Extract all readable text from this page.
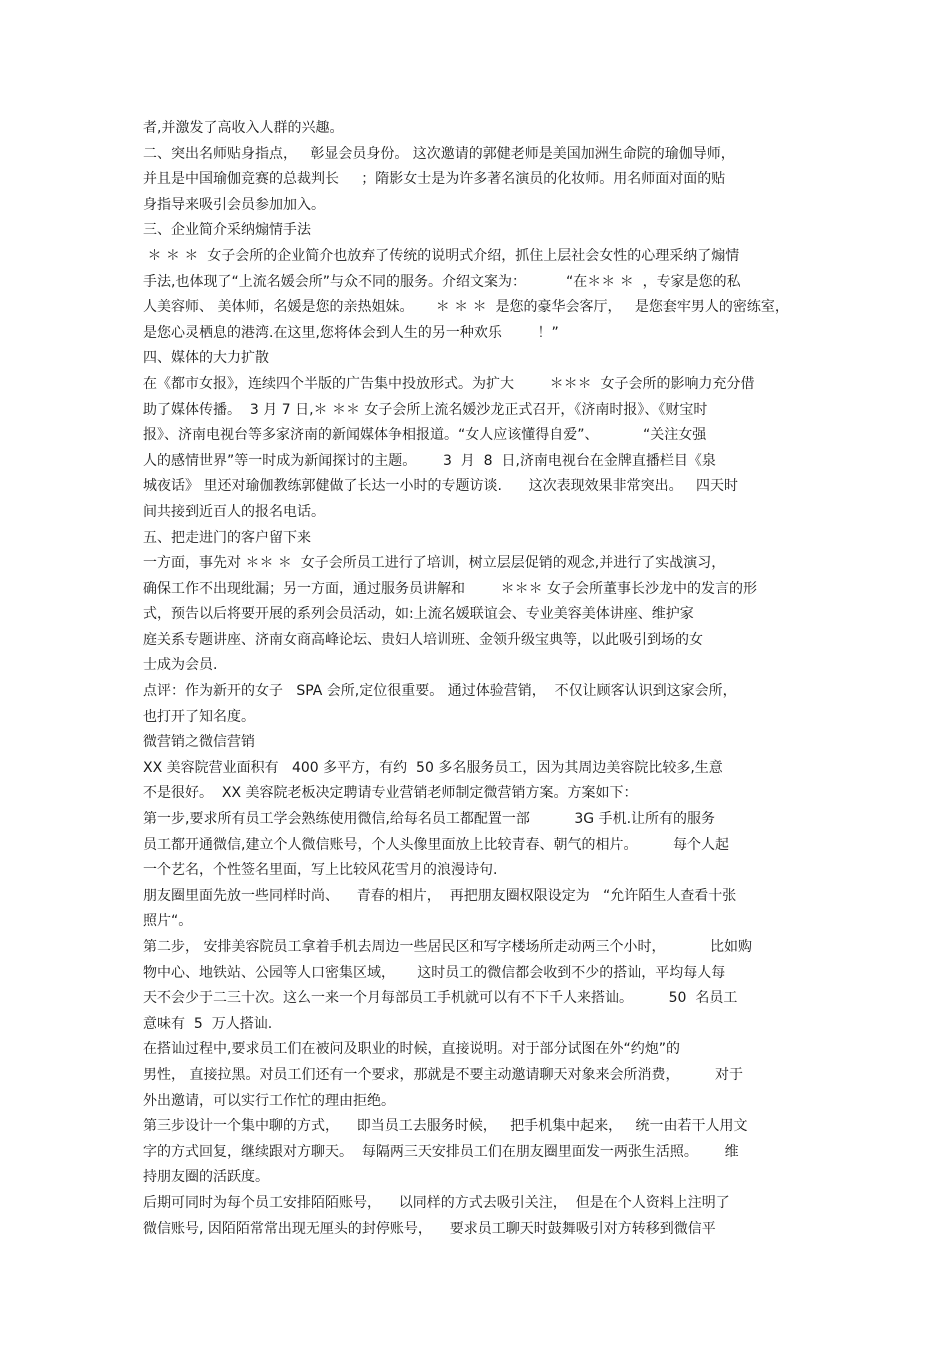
者,并激发了高收入人群的兴趣。
二、突出名师贴身指点，   彰显会员身份。 这次邀请的郭健老师是美国加洲生命院的瑜伽导师，
并且是中国瑜伽竞赛的总裁判长     ；隋影女士是为许多著名演员的化妆师。用名师面对面的贴
身指导来吸引会员参加加入。
三、企业简介采纳煽情手法
＊ ＊ ＊  女子会所的企业简介也放弃了传统的说明式介绍，抓住上层社会女性的心理采纳了煽情
手法,也体现了“上流名媛会所”与众不同的服务。介绍文案为：         “在＊＊ ＊  ，专家是您的私
人美容师、 美体师，名媛是您的亲热姐妹。     ＊ ＊ ＊  是您的豪华会客厅，   是您套牢男人的密练室，
是您心灵栖息的港湾.在这里,您将体会到人生的另一种欢乐        ！”
四、媒体的大力扩散
在《都市女报》，连续四个半版的广告集中投放形式。为扩大        ＊＊＊  女子会所的影响力充分借
助了媒体传播。  3 月 7 日,＊ ＊＊ 女子会所上流名媛沙龙正式召开，《济南时报》、《财宝时
报》、济南电视台等多家济南的新闻媒体争相报道。“女人应该懂得自爱”、          “关注女强
人的感情世界”等一时成为新闻探讨的主题。      3  月  8  日,济南电视台在金牌直播栏目《泉
城夜话》 里还对瑜伽教练郭健做了长达一小时的专题访谈.      这次表现效果非常突出。   四天时
间共接到近百人的报名电话。
五、把走进门的客户留下来
一方面，事先对 ＊＊ ＊  女子会所员工进行了培训，树立层层促销的观念,并进行了实战演习，
确保工作不出现纰漏；另一方面，通过服务员讲解和        ＊＊＊ 女子会所董事长沙龙中的发言的形
式，预告以后将要开展的系列会员活动，如:上流名媛联谊会、专业美容美体讲座、维护家
庭关系专题讲座、济南女商高峰论坛、贵妇人培训班、金领升级宝典等，以此吸引到场的女
士成为会员.
点评：作为新开的女子   SPA 会所,定位很重要。 通过体验营销，  不仅让顾客认识到这家会所，
也打开了知名度。
微营销之微信营销
XX 美容院营业面积有   400 多平方，有约  50 多名服务员工，因为其周边美容院比较多,生意
不是很好。  XX 美容院老板决定聘请专业营销老师制定微营销方案。方案如下：
第一步,要求所有员工学会熟练使用微信,给每名员工都配置一部          3G 手机.让所有的服务
员工都开通微信,建立个人微信账号，个人头像里面放上比较青春、朝气的相片。        每个人起
一个艺名，个性签名里面，写上比较风花雪月的浪漫诗句.
朋友圈里面先放一些同样时尚、    青春的相片，  再把朋友圈权限设定为   “允许陌生人查看十张
照片“。
第二步， 安排美容院员工拿着手机去周边一些居民区和写字楼场所走动两三个小时，          比如购
物中心、地铁站、公园等人口密集区域，     这时员工的微信都会收到不少的搭讪，平均每人每
天不会少于二三十次。这么一来一个月每部员工手机就可以有不下千人来搭讪。        50  名员工
意味有  5  万人搭讪.
在搭讪过程中,要求员工们在被问及职业的时候，直接说明。对于部分试图在外“约炮”的
男性， 直接拉黑。对员工们还有一个要求，那就是不要主动邀请聊天对象来会所消费，        对于
外出邀请，可以实行工作忙的理由拒绝。
第三步设计一个集中聊的方式，    即当员工去服务时候，   把手机集中起来，   统一由若干人用文
字的方式回复，继续跟对方聊天。  每隔两三天安排员工们在朋友圈里面发一两张生活照。      维
持朋友圈的活跃度。
后期可同时为每个员工安排陌陌账号，    以同样的方式去吸引关注，  但是在个人资料上注明了
微信账号, 因陌陌常常出现无厘头的封停账号，    要求员工聊天时鼓舞吸引对方转移到微信平
